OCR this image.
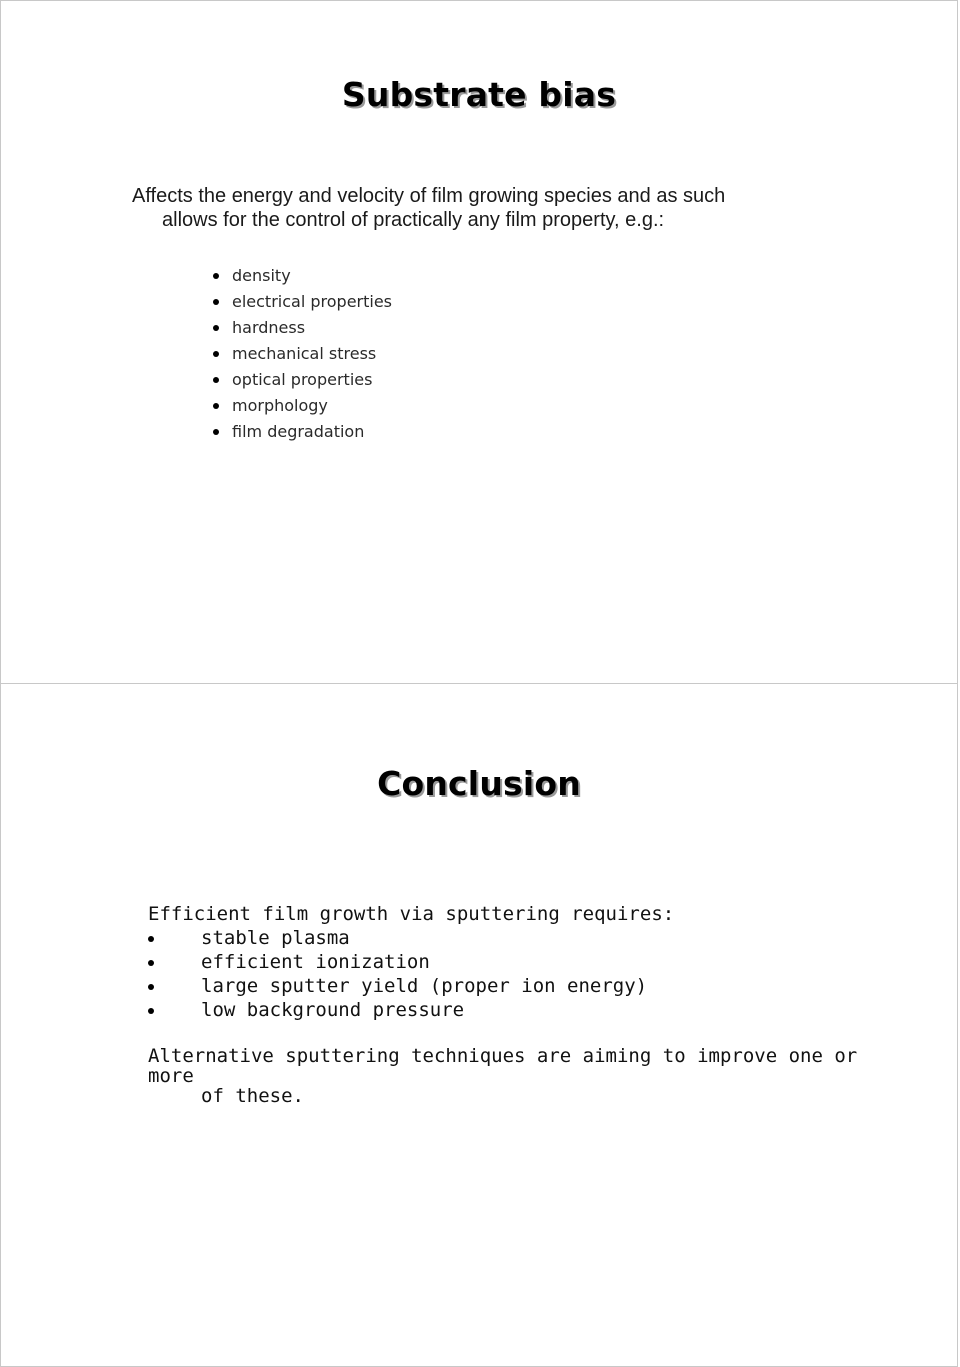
Substrate bias
Affects the energy and velocity of film growing species and as such
allows for the control of practically any film property, e.g.:
density
electrical properties
hardness
mechanical stress
optical properties
morphology
film degradation
Conclusion
Efficient film growth via sputtering requires:
stable plasma
efficient ionization
large sputter yield (proper ion energy)
low background pressure
Alternative sputtering techniques are aiming to improve one or more
of these.
